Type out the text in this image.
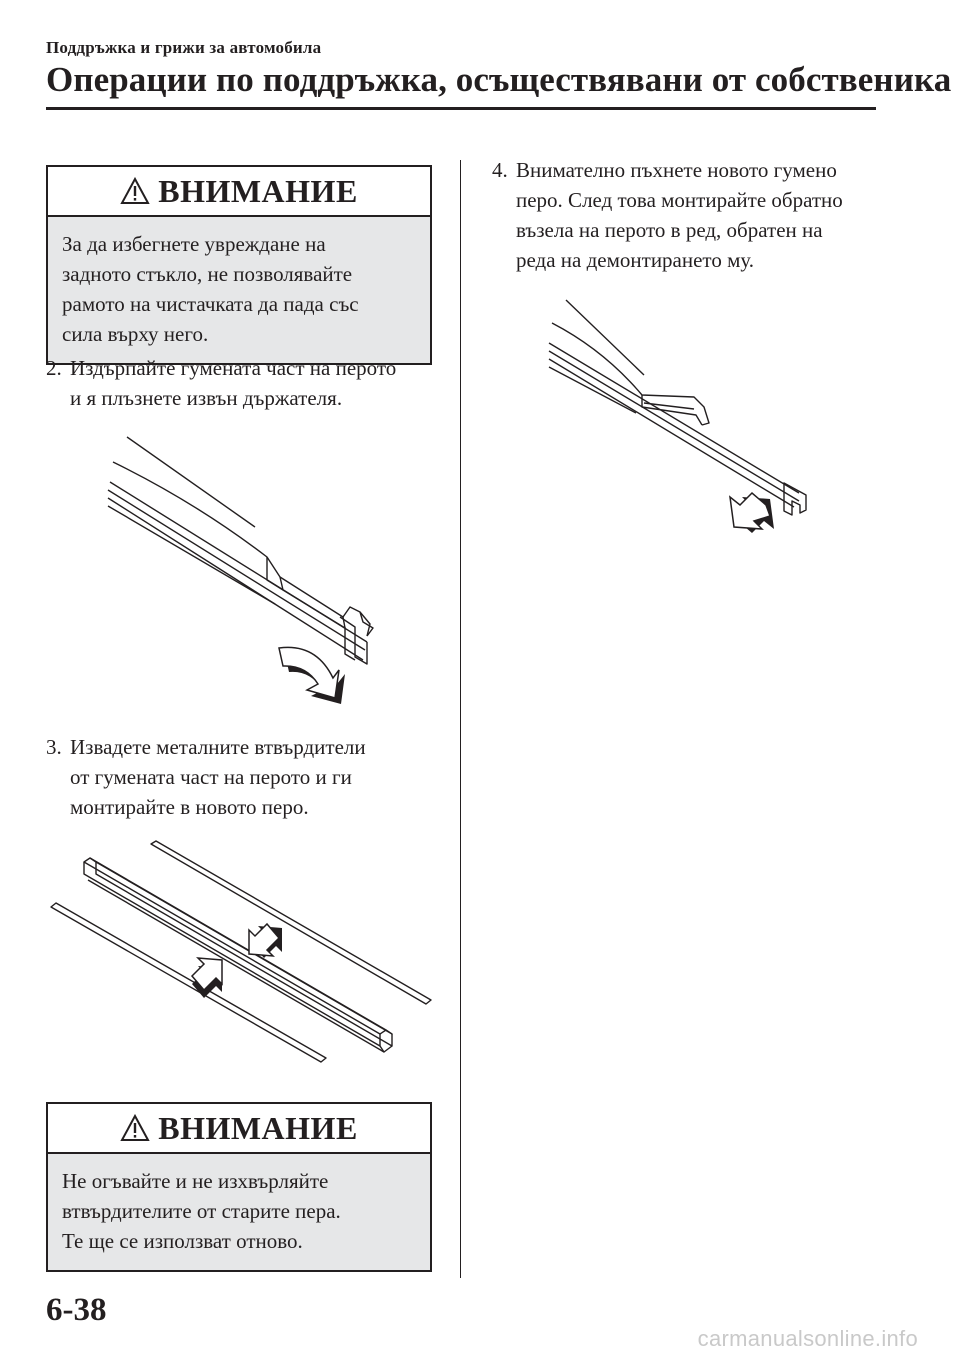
Поддръжка и грижи за автомобила
Операции по поддръжка, осъществявани от собственика
ВНИМАНИЕ
За да избегнете увреждане на
задното стъкло, не позволявайте
рамото на чистачката да пада със
сила върху него.
2. Издърпайте гумената част на перото
и я плъзнете извън държателя.
3. Извадете металните втвърдители
от гумената част на перото и ги
монтирайте в новото перо.
ВНИМАНИЕ
Не огъвайте и не изхвърляйте
втвърдителите от старите пера.
Те ще се използват отново.
4. Внимателно пъхнете новото гумено
перо. След това монтирайте обратно
възела на перото в ред, обратен на
реда на демонтирането му.
6-38
carmanualsonline.info
